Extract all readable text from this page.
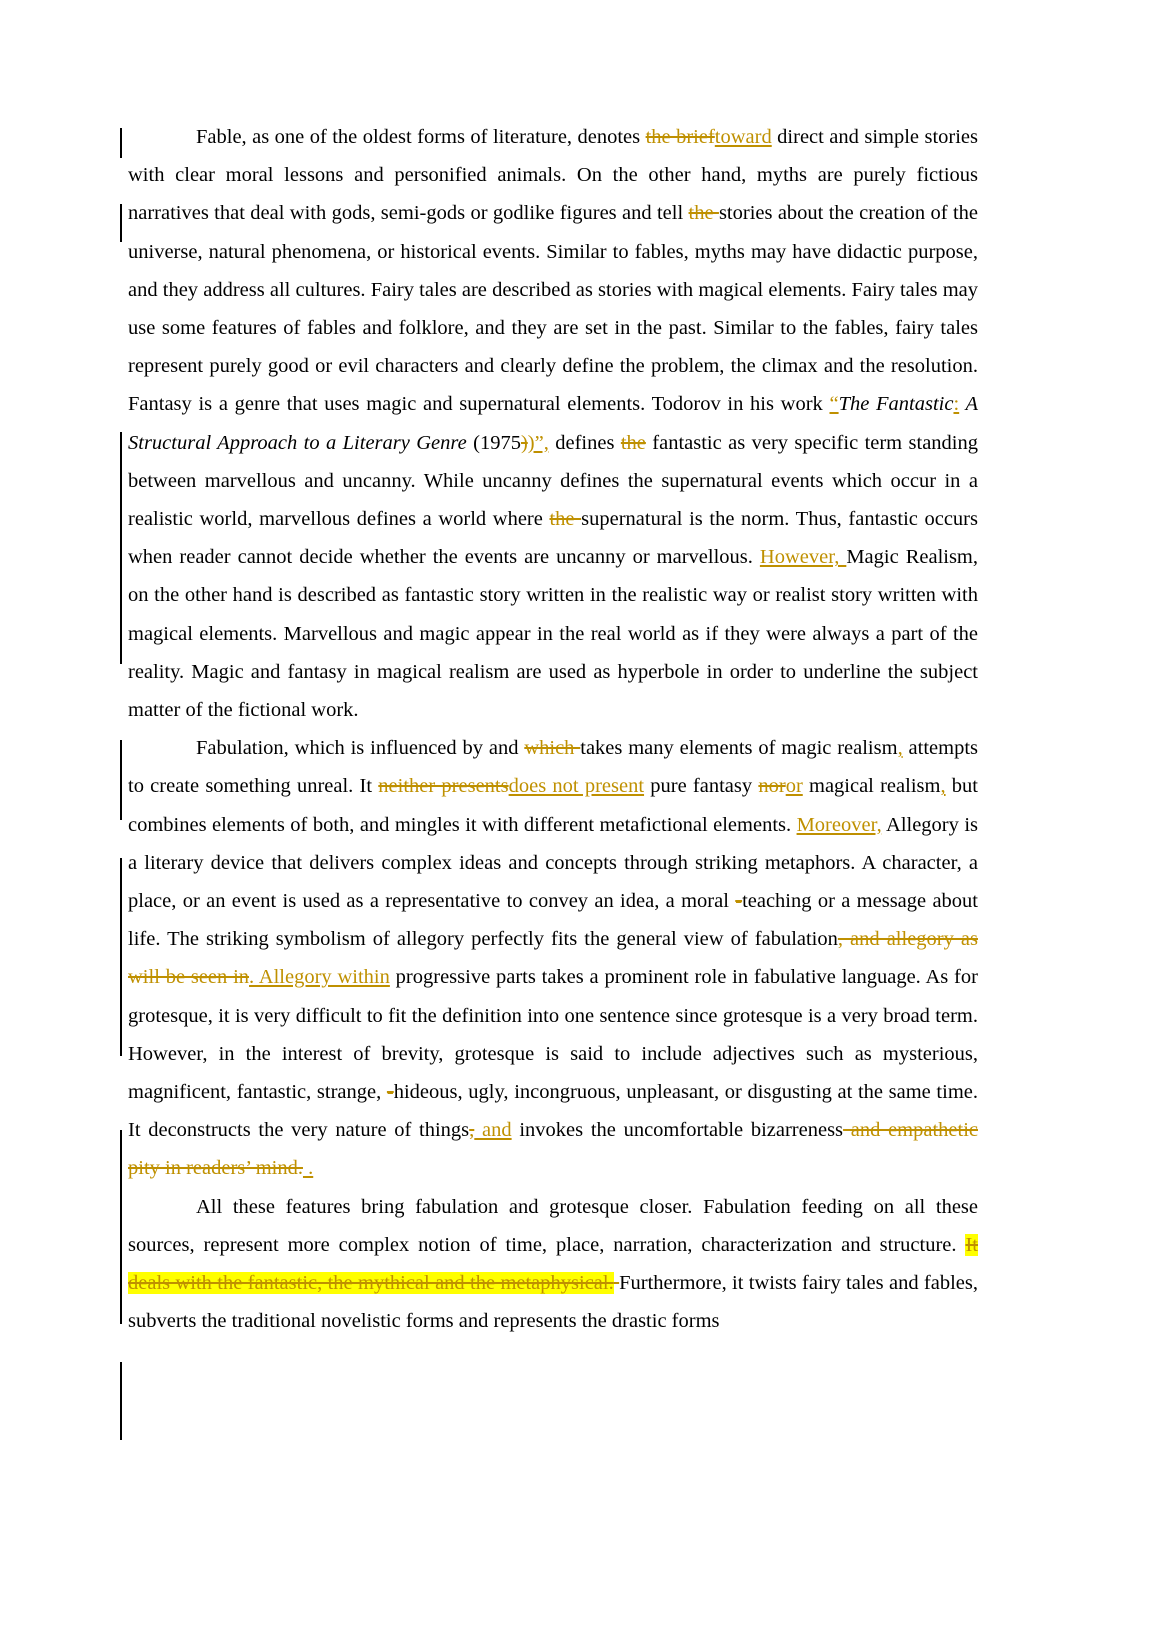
Fable, as one of the oldest forms of literature, denotes the brieftoward direct and simple stories with clear moral lessons and personified animals. On the other hand, myths are purely fictious narratives that deal with gods, semi-gods or godlike figures and tell the stories about the creation of the universe, natural phenomena, or historical events. Similar to fables, myths may have didactic purpose, and they address all cultures. Fairy tales are described as stories with magical elements. Fairy tales may use some features of fables and folklore, and they are set in the past. Similar to the fables, fairy tales represent purely good or evil characters and clearly define the problem, the climax and the resolution. Fantasy is a genre that uses magic and supernatural elements. Todorov in his work “The Fantastic: A Structural Approach to a Literary Genre (1975))”, defines the fantastic as very specific term standing between marvellous and uncanny. While uncanny defines the supernatural events which occur in a realistic world, marvellous defines a world where the supernatural is the norm. Thus, fantastic occurs when reader cannot decide whether the events are uncanny or marvellous. However, Magic Realism, on the other hand is described as fantastic story written in the realistic way or realist story written with magical elements. Marvellous and magic appear in the real world as if they were always a part of the reality. Magic and fantasy in magical realism are used as hyperbole in order to underline the subject matter of the fictional work.

Fabulation, which is influenced by and which takes many elements of magic realism, attempts to create something unreal. It neither presentsdoes not present pure fantasy noror magical realism, but combines elements of both, and mingles it with different metafictional elements. Moreover, Allegory is a literary device that delivers complex ideas and concepts through striking metaphors. A character, a place, or an event is used as a representative to convey an idea, a moral -teaching or a message about life. The striking symbolism of allegory perfectly fits the general view of fabulation, and allegory as will be seen in. Allegory within progressive parts takes a prominent role in fabulative language. As for grotesque, it is very difficult to fit the definition into one sentence since grotesque is a very broad term. However, in the interest of brevity, grotesque is said to include adjectives such as mysterious, magnificent, fantastic, strange, -hideous, ugly, incongruous, unpleasant, or disgusting at the same time. It deconstructs the very nature of things, and invokes the uncomfortable bizarreness and empathetic pity in readers’ mind. .

All these features bring fabulation and grotesque closer. Fabulation feeding on all these sources, represent more complex notion of time, place, narration, characterization and structure. It deals with the fantastic, the mythical and the metaphysical. Furthermore, it twists fairy tales and fables, subverts the traditional novelistic forms and represents the drastic forms
